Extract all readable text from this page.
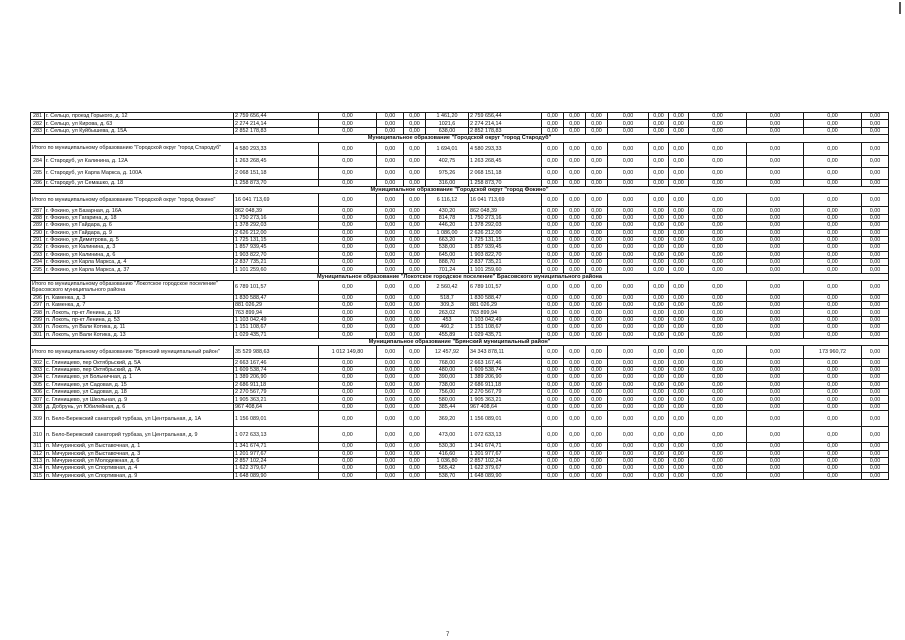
281	г. Сельцо, проезд Горького, д. 12	2 759 656,44	0,00	0,00	0,00	1 461,20	2 759 656,44	0,00	0,00	0,00	0,00	0,00	0,00	0,00	0,00	0,00	0,00
282	г. Сельцо, ул Кирова, д. 63	2 274 214,14	0,00	0,00	0,00	1021,6	2 274 214,14	0,00	0,00	0,00	0,00	0,00	0,00	0,00	0,00	0,00	0,00
283	г. Сельцо, ул Куйбышева, д. 15А	2 852 178,83	0,00	0,00	0,00	638,00	2 852 178,83	0,00	0,00	0,00	0,00	0,00	0,00	0,00	0,00	0,00	0,00
Муниципальное образование "Городской округ "город Стародуб"																	
Итого по муниципальному образованию "Городской округ "город Стародуб"		4 580 293,33	0,00	0,00	0,00	1 694,01	4 580 293,33	0,00	0,00	0,00	0,00	0,00	0,00	0,00	0,00	0,00	0,00
284	г. Стародуб, ул Калинина, д. 12А	1 263 268,45	0,00	0,00	0,00	402,75	1 263 268,45	0,00	0,00	0,00	0,00	0,00	0,00	0,00	0,00	0,00	0,00
285	г. Стародуб, ул Карла Маркса, д. 100А	2 068 151,18	0,00	0,00	0,00	975,26	2 068 151,18	0,00	0,00	0,00	0,00	0,00	0,00	0,00	0,00	0,00	0,00
286	г. Стародуб, ул Семашко, д. 18	1 258 873,70	0,00	0,00	0,00	316,00	1 258 873,70	0,00	0,00	0,00	0,00	0,00	0,00	0,00	0,00	0,00	0,00
Муниципальное образование "Городской округ "город Фокино"																	
Итого по муниципальному образованию "Городской округ "город Фокино"		16 041 713,69	0,00	0,00	0,00	6 116,12	16 041 713,69	0,00	0,00	0,00	0,00	0,00	0,00	0,00	0,00	0,00	0,00
287	г. Фокино, ул Базарная, д. 16А	862 048,39	0,00	0,00	0,00	430,20	862 048,39	0,00	0,00	0,00	0,00	0,00	0,00	0,00	0,00	0,00	0,00
288	г. Фокино, ул Гагарина, д. 18	1 750 273,16	0,00	0,00	0,00	814,78	1 750 273,16	0,00	0,00	0,00	0,00	0,00	0,00	0,00	0,00	0,00	0,00
289	г. Фокино, ул Гайдара, д. 6	1 378 292,03	0,00	0,00	0,00	446,20	1 378 292,03	0,00	0,00	0,00	0,00	0,00	0,00	0,00	0,00	0,00	0,00
290	г. Фокино, ул Гайдара, д. 9	2 626 212,00	0,00	0,00	0,00	1 086,00	2 626 212,00	0,00	0,00	0,00	0,00	0,00	0,00	0,00	0,00	0,00	0,00
291	г. Фокино, ул Димитрова, д. 5	1 725 131,15	0,00	0,00	0,00	663,20	1 725 131,15	0,00	0,00	0,00	0,00	0,00	0,00	0,00	0,00	0,00	0,00
292	г. Фокино, ул Калинина, д. 3	1 857 939,45	0,00	0,00	0,00	538,00	1 857 939,45	0,00	0,00	0,00	0,00	0,00	0,00	0,00	0,00	0,00	0,00
293	г. Фокино, ул Калинина, д. 6	1 903 822,70	0,00	0,00	0,00	645,00	1 903 822,70	0,00	0,00	0,00	0,00	0,00	0,00	0,00	0,00	0,00	0,00
294	г. Фокино, ул Карла Маркса, д. 4	2 837 735,21	0,00	0,00	0,00	888,70	2 837 735,21	0,00	0,00	0,00	0,00	0,00	0,00	0,00	0,00	0,00	0,00
295	г. Фокино, ул Карла Маркса, д. 37	1 101 259,60	0,00	0,00	0,00	701,24	1 101 259,60	0,00	0,00	0,00	0,00	0,00	0,00	0,00	0,00	0,00	0,00
Муниципальное образование "Локотское городское поселение" Брасовского муниципального района																	
Итого по муниципальному образованию "Локотское городское поселение" Брасовского муниципального района		6 789 101,57	0,00	0,00	0,00	2 560,42	6 789 101,57	0,00	0,00	0,00	0,00	0,00	0,00	0,00	0,00	0,00	0,00
296	п. Каменка, д. 3	1 830 588,47	0,00	0,00	0,00	518,7	1 830 588,47	0,00	0,00	0,00	0,00	0,00	0,00	0,00	0,00	0,00	0,00
297	п. Каменка, д. 7	881 026,29	0,00	0,00	0,00	309,3	881 026,29	0,00	0,00	0,00	0,00	0,00	0,00	0,00	0,00	0,00	0,00
298	п. Локоть, пр-кт Ленина, д. 19	763 899,94	0,00	0,00	0,00	263,02	763 899,94	0,00	0,00	0,00	0,00	0,00	0,00	0,00	0,00	0,00	0,00
299	п. Локоть, пр-кт Ленина, д. 53	1 103 042,49	0,00	0,00	0,00	453	1 103 042,49	0,00	0,00	0,00	0,00	0,00	0,00	0,00	0,00	0,00	0,00
300	п. Локоть, ул Вали Котика, д. 11	1 151 108,67	0,00	0,00	0,00	460,2	1 151 108,67	0,00	0,00	0,00	0,00	0,00	0,00	0,00	0,00	0,00	0,00
301	п. Локоть, ул Вали Котика, д. 13	1 029 435,71	0,00	0,00	0,00	455,89	1 029 435,71	0,00	0,00	0,00	0,00	0,00	0,00	0,00	0,00	0,00	0,00
Муниципальное образование "Брянский муниципальный район"																	
Итого по муниципальному образованию "Брянский муниципальный район"		35 529 988,63	1 012 149,80	0,00	0,00	12 457,92	34 343 878,11	0,00	0,00	0,00	0,00	0,00	0,00	0,00	0,00	173 960,72	0,00
302	с. Глинищево, пер Октябрьский, д. 5А	2 663 167,46	0,00	0,00	0,00	768,00	2 663 167,46	0,00	0,00	0,00	0,00	0,00	0,00	0,00	0,00	0,00	0,00
303	с. Глинищево, пер Октябрьский, д. 7А	1 609 538,74	0,00	0,00	0,00	480,00	1 609 538,74	0,00	0,00	0,00	0,00	0,00	0,00	0,00	0,00	0,00	0,00
304	с. Глинищево, ул Больничная, д. 1	1 389 206,90	0,00	0,00	0,00	390,00	1 389 206,90	0,00	0,00	0,00	0,00	0,00	0,00	0,00	0,00	0,00	0,00
305	с. Глинищево, ул Садовая, д. 15	2 686 911,18	0,00	0,00	0,00	738,00	2 686 911,18	0,00	0,00	0,00	0,00	0,00	0,00	0,00	0,00	0,00	0,00
306	с. Глинищево, ул Садовая, д. 18	2 270 567,79	0,00	0,00	0,00	756,00	2 270 567,79	0,00	0,00	0,00	0,00	0,00	0,00	0,00	0,00	0,00	0,00
307	с. Глинищево, ул Школьная, д. 9	1 905 363,21	0,00	0,00	0,00	580,00	1 905 363,21	0,00	0,00	0,00	0,00	0,00	0,00	0,00	0,00	0,00	0,00
308	д. Добрунь, ул Юбилейная, д. 6	967 408,64	0,00	0,00	0,00	385,44	967 408,64	0,00	0,00	0,00	0,00	0,00	0,00	0,00	0,00	0,00	0,00
309	п. Бело-Бережский санаторий турбаза, ул Центральная, д. 1А	1 156 089,01	0,00	0,00	0,00	369,20	1 156 089,01	0,00	0,00	0,00	0,00	0,00	0,00	0,00	0,00	0,00	0,00
310	п. Бело-Бережский санаторий турбаза, ул Центральная, д. 9	1 072 633,13	0,00	0,00	0,00	473,00	1 072 633,13	0,00	0,00	0,00	0,00	0,00	0,00	0,00	0,00	0,00	0,00
311	п. Мичуринский, ул Выставочная, д. 1	1 341 674,71	0,00	0,00	0,00	530,30	1 341 674,71	0,00	0,00	0,00	0,00	0,00	0,00	0,00	0,00	0,00	0,00
312	п. Мичуринский, ул Выставочная, д. 3	1 201 977,67	0,00	0,00	0,00	416,60	1 201 977,67	0,00	0,00	0,00	0,00	0,00	0,00	0,00	0,00	0,00	0,00
313	п. Мичуринский, ул Молодежная, д. 6	2 857 102,24	0,00	0,00	0,00	1 036,80	2 857 102,24	0,00	0,00	0,00	0,00	0,00	0,00	0,00	0,00	0,00	0,00
314	п. Мичуринский, ул Спортивная, д. 4	1 622 379,67	0,00	0,00	0,00	565,42	1 622 379,67	0,00	0,00	0,00	0,00	0,00	0,00	0,00	0,00	0,00	0,00
315	п. Мичуринский, ул Спортивная, д. 9	1 648 089,90	0,00	0,00	0,00	538,70	1 648 089,90	0,00	0,00	0,00	0,00	0,00	0,00	0,00	0,00	0,00	0,00
7
